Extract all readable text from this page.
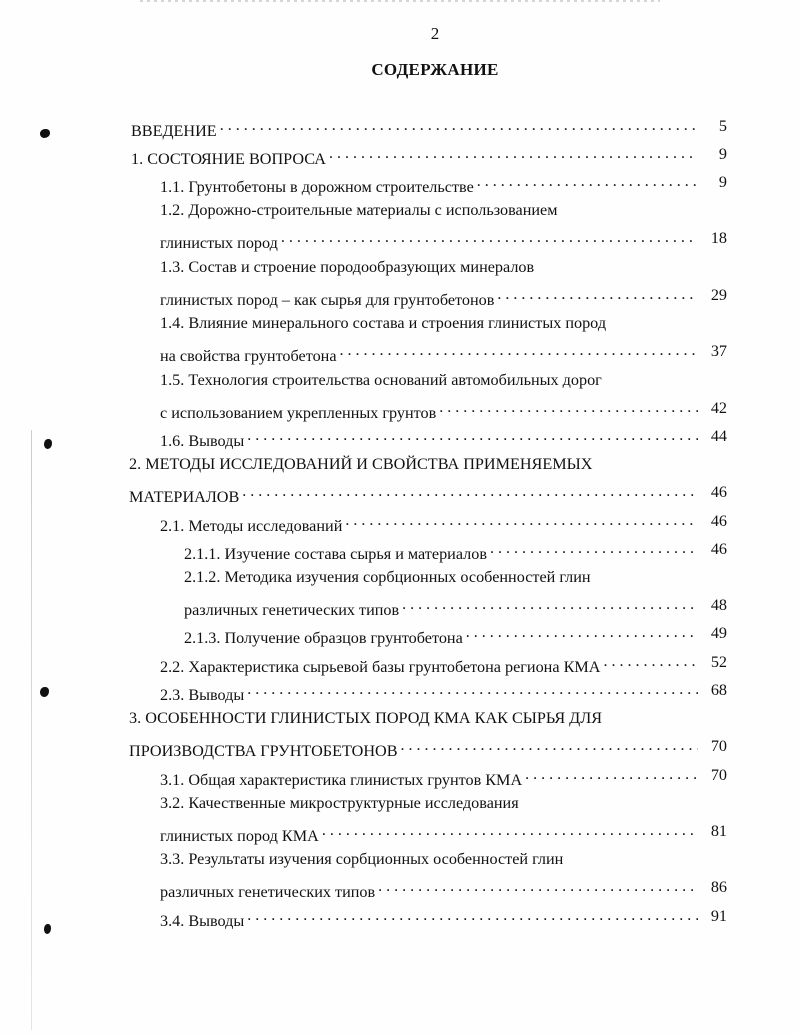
2
СОДЕРЖАНИЕ
ВВЕДЕНИЕ . . .	5
1. СОСТОЯНИЕ ВОПРОСА . . .	9
1.1. Грунтобетоны в дорожном строительстве . . .	9
1.2. Дорожно-строительные материалы с использованием
глинистых пород . . .	18
1.3. Состав и строение породообразующих минералов
глинистых пород – как сырья для грунтобетонов . . .	29
1.4. Влияние минерального состава и строения глинистых пород
на свойства грунтобетона . . .	37
1.5. Технология строительства оснований автомобильных дорог
с использованием укрепленных грунтов . . .	42
1.6. Выводы . . .	44
2. МЕТОДЫ ИССЛЕДОВАНИЙ И СВОЙСТВА ПРИМЕНЯЕМЫХ
МАТЕРИАЛОВ . . .	46
2.1. Методы исследований . . .	46
2.1.1. Изучение состава сырья и материалов . . .	46
2.1.2. Методика изучения сорбционных особенностей глин
различных генетических типов . . .	48
2.1.3. Получение образцов грунтобетона . . .	49
2.2. Характеристика сырьевой базы грунтобетона региона КМА . . .	52
2.3. Выводы . . .	68
3. ОСОБЕННОСТИ ГЛИНИСТЫХ ПОРОД КМА КАК СЫРЬЯ ДЛЯ
ПРОИЗВОДСТВА ГРУНТОБЕТОНОВ . . .	70
3.1. Общая характеристика глинистых грунтов КМА . . .	70
3.2. Качественные микроструктурные исследования
глинистых пород КМА . . .	81
3.3. Результаты изучения сорбционных особенностей глин
различных генетических типов . . .	86
3.4. Выводы . . .	91
